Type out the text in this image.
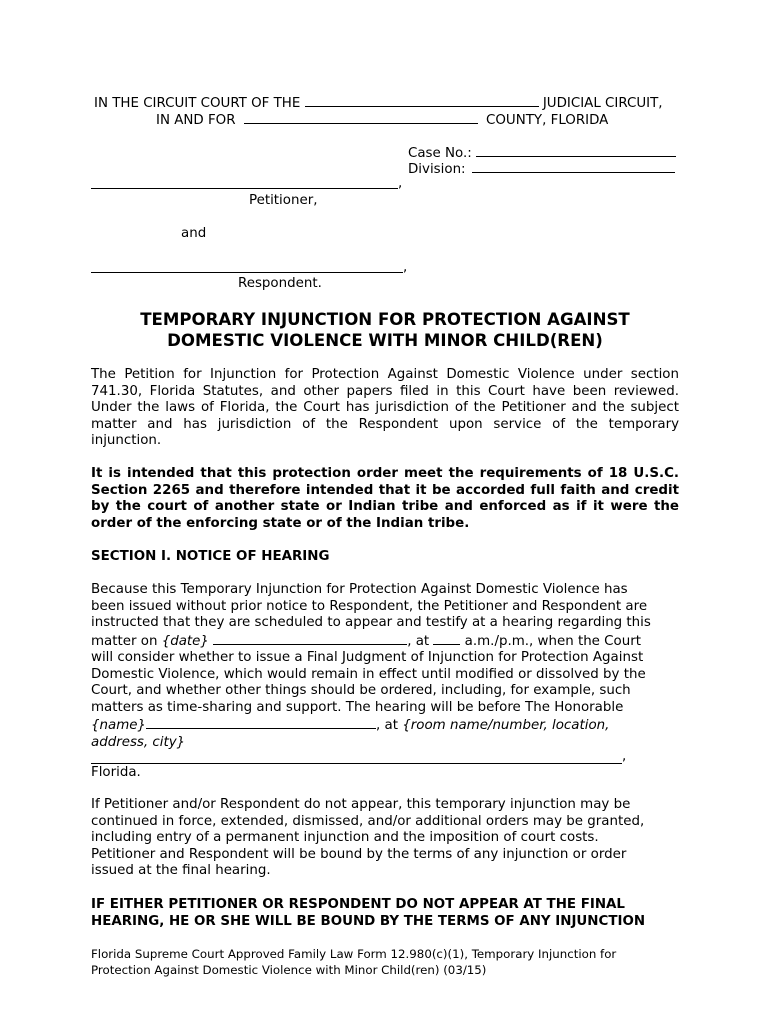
IN THE CIRCUIT COURT OF THE	JUDICIAL CIRCUIT,
IN AND FOR	COUNTY, FLORIDA
Case No.:
Division:
,
Petitioner,
and
,
Respondent.
TEMPORARY INJUNCTION FOR PROTECTION AGAINST
DOMESTIC VIOLENCE WITH MINOR CHILD(REN)
The Petition for Injunction for Protection Against Domestic Violence under section 741.30, Florida Statutes, and other papers filed in this Court have been reviewed. Under the laws of Florida, the Court has jurisdiction of the Petitioner and the subject matter and has jurisdiction of the Respondent upon service of the temporary injunction.
It is intended that this protection order meet the requirements of 18 U.S.C. Section 2265 and therefore intended that it be accorded full faith and credit by the court of another state or Indian tribe and enforced as if it were the order of the enforcing state or of the Indian tribe.
SECTION I. NOTICE OF HEARING
Because this Temporary Injunction for Protection Against Domestic Violence has
been issued without prior notice to Respondent, the Petitioner and Respondent are
instructed that they are scheduled to appear and testify at a hearing regarding this
matter on {date}	, at  a.m./p.m., when the Court
will consider whether to issue a Final Judgment of Injunction for Protection Against
Domestic Violence, which would remain in effect until modified or dissolved by the
Court, and whether other things should be ordered, including, for example, such
matters as time-sharing and support. The hearing will be before The Honorable
{name}	, at {room name/number, location,
address, city}
,
Florida.
If Petitioner and/or Respondent do not appear, this temporary injunction may be
continued in force, extended, dismissed, and/or additional orders may be granted,
including entry of a permanent injunction and the imposition of court costs.
Petitioner and Respondent will be bound by the terms of any injunction or order
issued at the final hearing.
IF EITHER PETITIONER OR RESPONDENT DO NOT APPEAR AT THE FINAL
HEARING, HE OR SHE WILL BE BOUND BY THE TERMS OF ANY INJUNCTION
Florida Supreme Court Approved Family Law Form 12.980(c)(1), Temporary Injunction for
Protection Against Domestic Violence with Minor Child(ren) (03/15)
